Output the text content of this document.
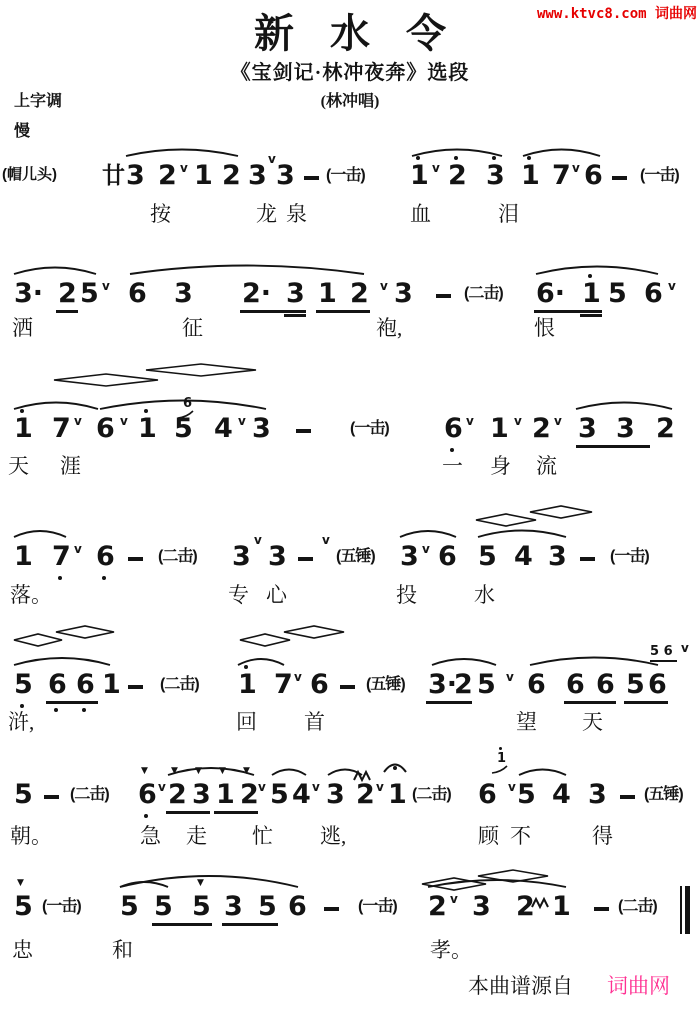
www.ktvc8.com 词曲网
新水令
《宝剑记·林冲夜奔》选段
(林冲唱)
上字调
慢
(帽儿头) 廿 3 2 v 1 2 3
v
3 (一击) 1 v 2 3 1 7 v 6 (一击)
按	龙 泉	血	泪
3· 2 5 v 6 3 2· 3 1 2 v 3	(二击) 6· 1 5 6 v
洒	征	袍,	恨
1 7 v 6 v 1 5 4 v 3	(一击) 6 v 1 v 2 v 3 3 2
6
天 涯	一 身 流
1 7 v 6	(二击) 3
v
3
v
(五锤) 3 v 6 5 4 3	(一击)
落。	专 心	投	水
5 6 6 1 (二击) 1 7 v 6 (五锤) 3·
2 5 v 6 6 6 5 6
5 6 v
浒,	回 首	望 天
5 (二击) 6 v 2 3 1 2 v 5 4 v 3 2 v 1 (二击) 6 v 5 4 3 (五锤)
▼	▼ ▼ ▼ ▼
1
朝。	急 走 忙 逃,	顾 不	得
5 (一击) 5 5 5 3 5 6	(一击) 2 v 3 2 1	(二击)
▼	▼
忠	和	孝。
本曲谱源自 词曲网
